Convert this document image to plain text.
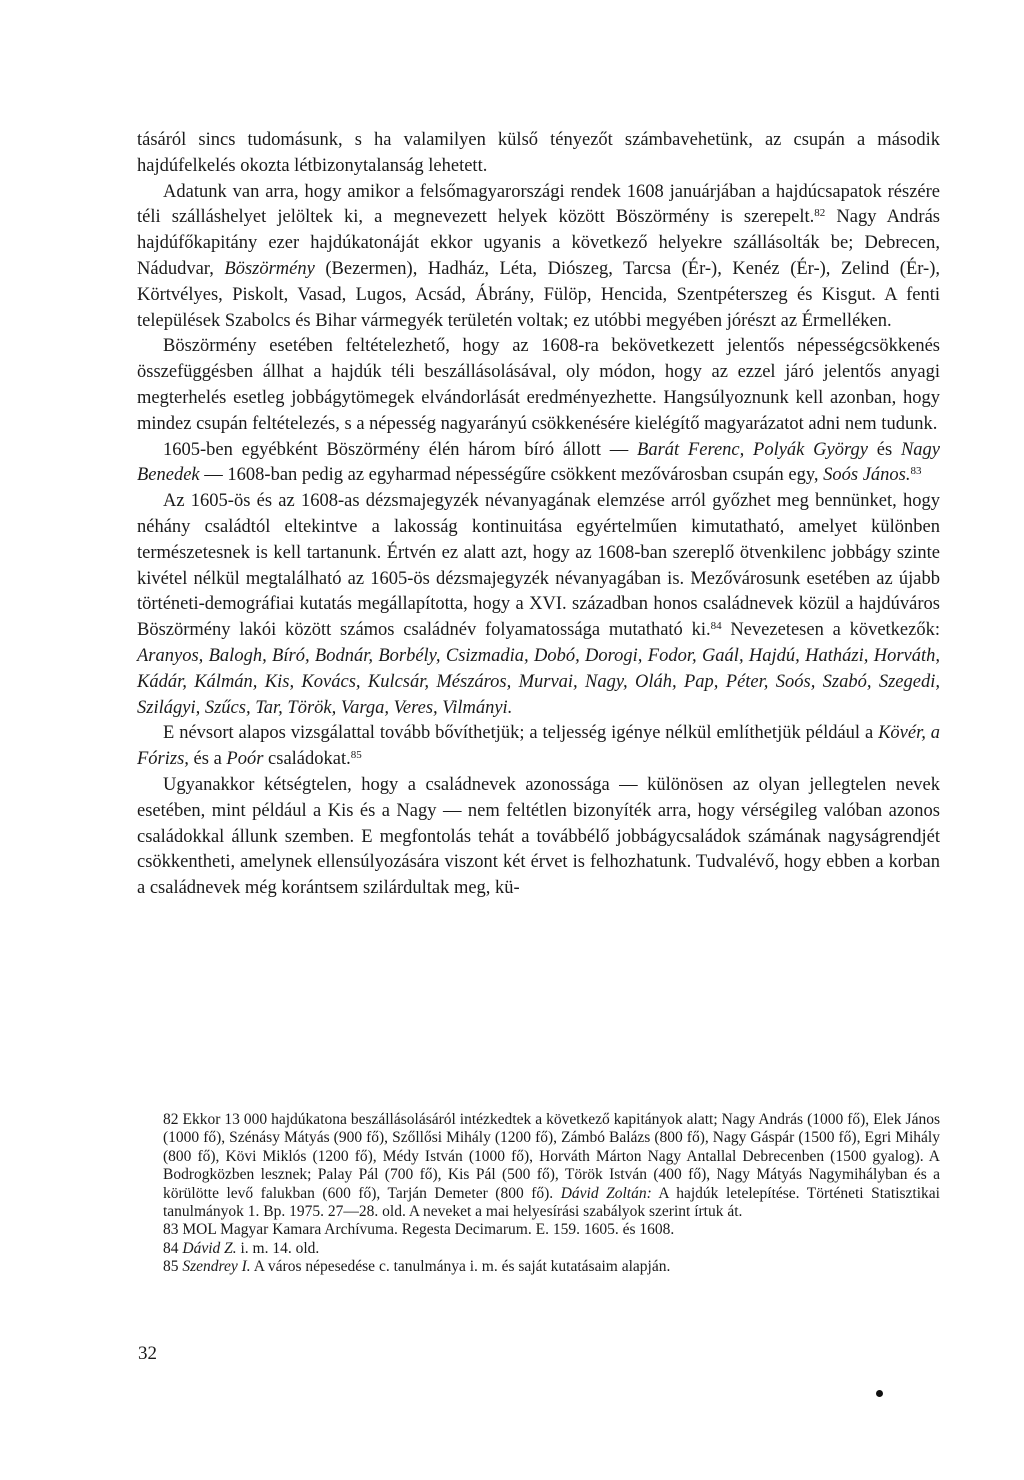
tásáról sincs tudomásunk, s ha valamilyen külső tényezőt számbavehetünk, az csupán a második hajdúfelkelés okozta létbizonytalanság lehetett.

Adatunk van arra, hogy amikor a felsőmagyarországi rendek 1608 januárjában a hajdúcsapatok részére téli szálláshelyet jelöltek ki, a megnevezett helyek között Böszörmény is szerepelt.$^{82}$ Nagy András hajdúfőkapitány ezer hajdúkatonáját ekkor ugyanis a következő helyekre szállásolták be; Debrecen, Nádudvar, Böszörmény (Bezermen), Hadház, Léta, Diószeg, Tarcsa (Ér-), Kenéz (Ér-), Zelind (Ér-), Körtvélyes, Piskolt, Vasad, Lugos, Acsád, Ábrány, Fülöp, Hencida, Szentpéterszeg és Kisgut. A fenti települések Szabolcs és Bihar vármegyék területén voltak; ez utóbbi megyében jórészt az Érmelléken.

Böszörmény esetében feltételezhető, hogy az 1608-ra bekövetkezett jelentős népességcsökkenés összefüggésben állhat a hajdúk téli beszállásolásával, oly módon, hogy az ezzel járó jelentős anyagi megterhelés esetleg jobbágytömegek elvándorlását eredményezhette. Hangsúlyoznunk kell azonban, hogy mindez csupán feltételezés, s a népesség nagyarányú csökkenésére kielégítő magyarázatot adni nem tudunk.

1605-ben egyébként Böszörmény élén három bíró állott — Barát Ferenc, Polyák György és Nagy Benedek — 1608-ban pedig az egyharmad népességűre csökkent mezővárosban csupán egy, Soós János.$^{83}$

Az 1605-ös és az 1608-as dézsmajegyzék névanyagának elemzése arról győzhet meg bennünket, hogy néhány családtól eltekintve a lakosság kontinuitása egyértelműen kimutatható, amelyet különben természetesnek is kell tartanunk. Értvén ez alatt azt, hogy az 1608-ban szereplő ötvenkilenc jobbágy szinte kivétel nélkül megtalálható az 1605-ös dézsmajegyzék névanyagában is. Mezővárosunk esetében az újabb történeti-demográfiai kutatás megállapította, hogy a XVI. században honos családnevek közül a hajdúváros Böszörmény lakói között számos családnév folyamatossága mutatható ki.$^{84}$ Nevezetesen a következők: Aranyos, Balogh, Bíró, Bodnár, Borbély, Csizmadia, Dobó, Dorogi, Fodor, Gaál, Hajdú, Hatházi, Horváth, Kádár, Kálmán, Kis, Kovács, Kulcsár, Mészáros, Murvai, Nagy, Oláh, Pap, Péter, Soós, Szabó, Szegedi, Szilágyi, Szűcs, Tar, Török, Varga, Veres, Vilmányi.

E névsort alapos vizsgálattal tovább bővíthetjük; a teljesség igénye nélkül említhetjük például a Kövér, a Fórizs, és a Poór családokat.$^{85}$

Ugyanakkor kétségtelen, hogy a családnevek azonossága — különösen az olyan jellegtelen nevek esetében, mint például a Kis és a Nagy — nem feltétlen bizonyíték arra, hogy vérségileg valóban azonos családokkal állunk szemben. E megfontolás tehát a továbbélő jobbágycsaládok számának nagyságrendjét csökkentheti, amelynek ellensúlyozására viszont két érvet is felhozhatunk. Tudvalévő, hogy ebben a korban a családnevek még korántsem szilárdultak meg, kü-

82 Ekkor 13 000 hajdúkatona beszállásolásáról intézkedtek a következő kapitányok alatt; Nagy András (1000 fő), Elek János (1000 fő), Szénásy Mátyás (900 fő), Szőllősi Mihály (1200 fő), Zámbó Balázs (800 fő), Nagy Gáspár (1500 fő), Egri Mihály (800 fő), Kövi Miklós (1200 fő), Médy István (1000 fő), Horváth Márton Nagy Antallal Debrecenben (1500 gyalog). A Bodrogközben lesznek; Palay Pál (700 fő), Kis Pál (500 fő), Török István (400 fő), Nagy Mátyás Nagymihályban és a körülötte levő falukban (600 fő), Tarján Demeter (800 fő). Dávid Zoltán: A hajdúk letelepítése. Történeti Statisztikai tanulmányok 1. Bp. 1975. 27—28. old. A neveket a mai helyesírási szabályok szerint írtuk át.

83 MOL Magyar Kamara Archívuma. Regesta Decimarum. E. 159. 1605. és 1608.

84 Dávid Z. i. m. 14. old.

85 Szendrey I. A város népesedése c. tanulmánya i. m. és saját kutatásaim alapján.

32
